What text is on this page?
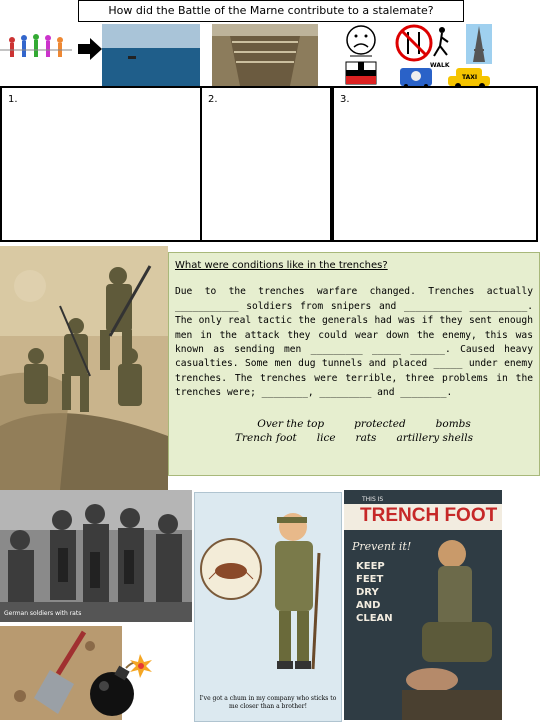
How did the Battle of the Marne contribute to a stalemate?
WALK
TAXI
1.	2.	3.
What were conditions like in the trenches?
Due to the trenches warfare changed. Trenches actually ___________ soldiers from snipers and __________ __________. The only real tactic the generals had was if they sent enough men in the attack they could wear down the enemy, this was known as sending men _________ _____ ______. Caused heavy casualties. Some men dug tunnels and placed _____ under enemy trenches. The trenches were terrible, three problems in the trenches were; ________, _________ and ________.
Over the top	protected	bombs
Trench foot lice rats artillery shells
German soldiers with rats
I've got a chum in my company who sticks to me closer than a brother!
THIS IS
TRENCH FOOT
Prevent it!
KEEP
FEET
DRY
AND
CLEAN
